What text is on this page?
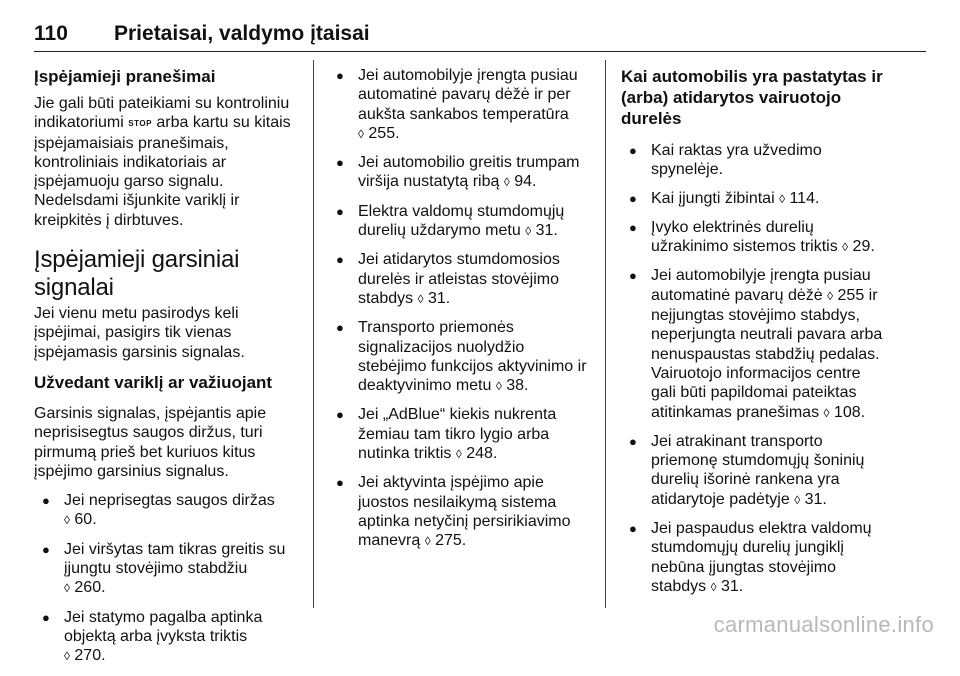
110 Prietaisai, valdymo įtaisai

Įspėjamieji pranešimai

Jie gali būti pateikiami su kontroliniu
indikatoriumi STOP arba kartu su kitais
įspėjamaisiais pranešimais,
kontroliniais indikatoriais ar
įspėjamuoju garso signalu.
Nedelsdami išjunkite variklį ir
kreipkitės į dirbtuves.

Įspėjamieji garsiniai signalai

Jei vienu metu pasirodys keli
įspėjimai, pasigirs tik vienas
įspėjamasis garsinis signalas.

Užvedant variklį ar važiuojant

Garsinis signalas, įspėjantis apie
neprisisegtus saugos diržus, turi
pirmumą prieš bet kuriuos kitus
įspėjimo garsinius signalus.

● Jei neprisegtas saugos diržas
◊ 60.
● Jei viršytas tam tikras greitis su
įjungtu stovėjimo stabdžiu
◊ 260.
● Jei statymo pagalba aptinka
objektą arba įvyksta triktis
◊ 270.
● Jei automobilyje įrengta pusiau
automatinė pavarų dėžė ir per
aukšta sankabos temperatūra
◊ 255.
● Jei automobilio greitis trumpam
viršija nustatytą ribą ◊ 94.
● Elektra valdomų stumdomųjų
durelių uždarymo metu ◊ 31.
● Jei atidarytos stumdomosios
durelės ir atleistas stovėjimo
stabdys ◊ 31.
● Transporto priemonės
signalizacijos nuolydžio
stebėjimo funkcijos aktyvinimo ir
deaktyvinimo metu ◊ 38.
● Jei „AdBlue“ kiekis nukrenta
žemiau tam tikro lygio arba
nutinka triktis ◊ 248.
● Jei aktyvinta įspėjimo apie
juostos nesilaikymą sistema
aptinka netyčinį persirikiavimo
manevrą ◊ 275.

Kai automobilis yra pastatytas ir
(arba) atidarytos vairuotojo
durelės

● Kai raktas yra užvedimo
spynelėje.
● Kai įjungti žibintai ◊ 114.
● Įvyko elektrinės durelių
užrakinimo sistemos triktis ◊ 29.
● Jei automobilyje įrengta pusiau
automatinė pavarų dėžė ◊ 255 ir
neįjungtas stovėjimo stabdys,
neperjungta neutrali pavara arba
nenuspaustas stabdžių pedalas.
Vairuotojo informacijos centre
gali būti papildomai pateiktas
atitinkamas pranešimas ◊ 108.
● Jei atrakinant transporto
priemonę stumdomųjų šoninių
durelių išorinė rankena yra
atidarytoje padėtyje ◊ 31.
● Jei paspaudus elektra valdomų
stumdomųjų durelių jungiklį
nebūna įjungtas stovėjimo
stabdys ◊ 31.
carmanualsonline.info
